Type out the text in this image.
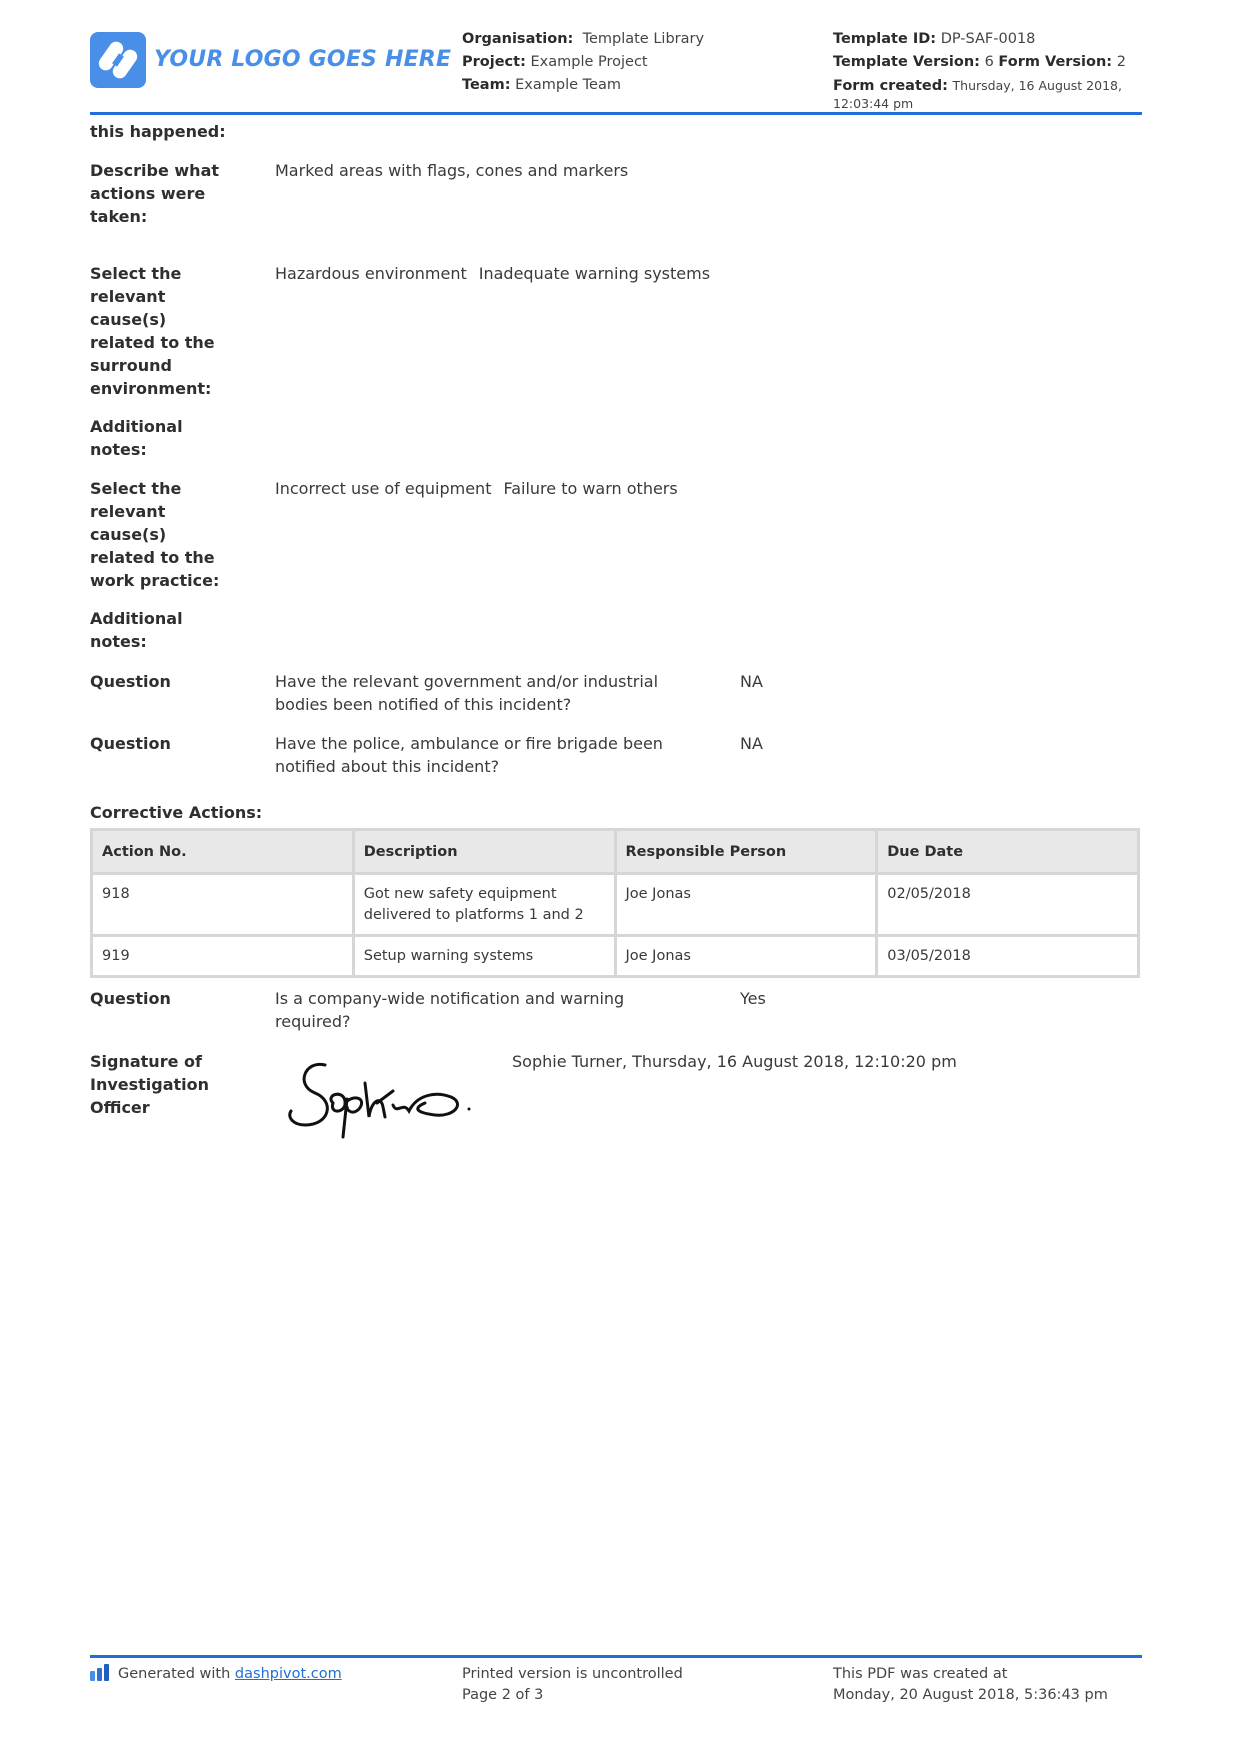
YOUR LOGO GOES HERE
Organisation: Template Library
Project: Example Project
Team: Example Team
Template ID: DP-SAF-0018
Template Version: 6 Form Version: 2
Form created: Thursday, 16 August 2018, 12:03:44 pm
this happened:
Describe what actions were taken:
Marked areas with flags, cones and markers
Select the relevant cause(s) related to the surround environment:
Hazardous environment Inadequate warning systems
Additional notes:
Select the relevant cause(s) related to the work practice:
Incorrect use of equipment Failure to warn others
Additional notes:
Question	Have the relevant government and/or industrial bodies been notified of this incident?
NA
Question	Have the police, ambulance or fire brigade been notified about this incident?
NA
Corrective Actions:
Action No.	Description	Responsible Person	Due Date
918	Got new safety equipment delivered to platforms 1 and 2	Joe Jonas	02/05/2018
919	Setup warning systems	Joe Jonas	03/05/2018
Question	Is a company-wide notification and warning required?
Yes
Signature of Investigation Officer
Sophie Turner, Thursday, 16 August 2018, 12:10:20 pm
Generated with dashpivot.com	Printed version is uncontrolled
Page 2 of 3
This PDF was created at
Monday, 20 August 2018, 5:36:43 pm
